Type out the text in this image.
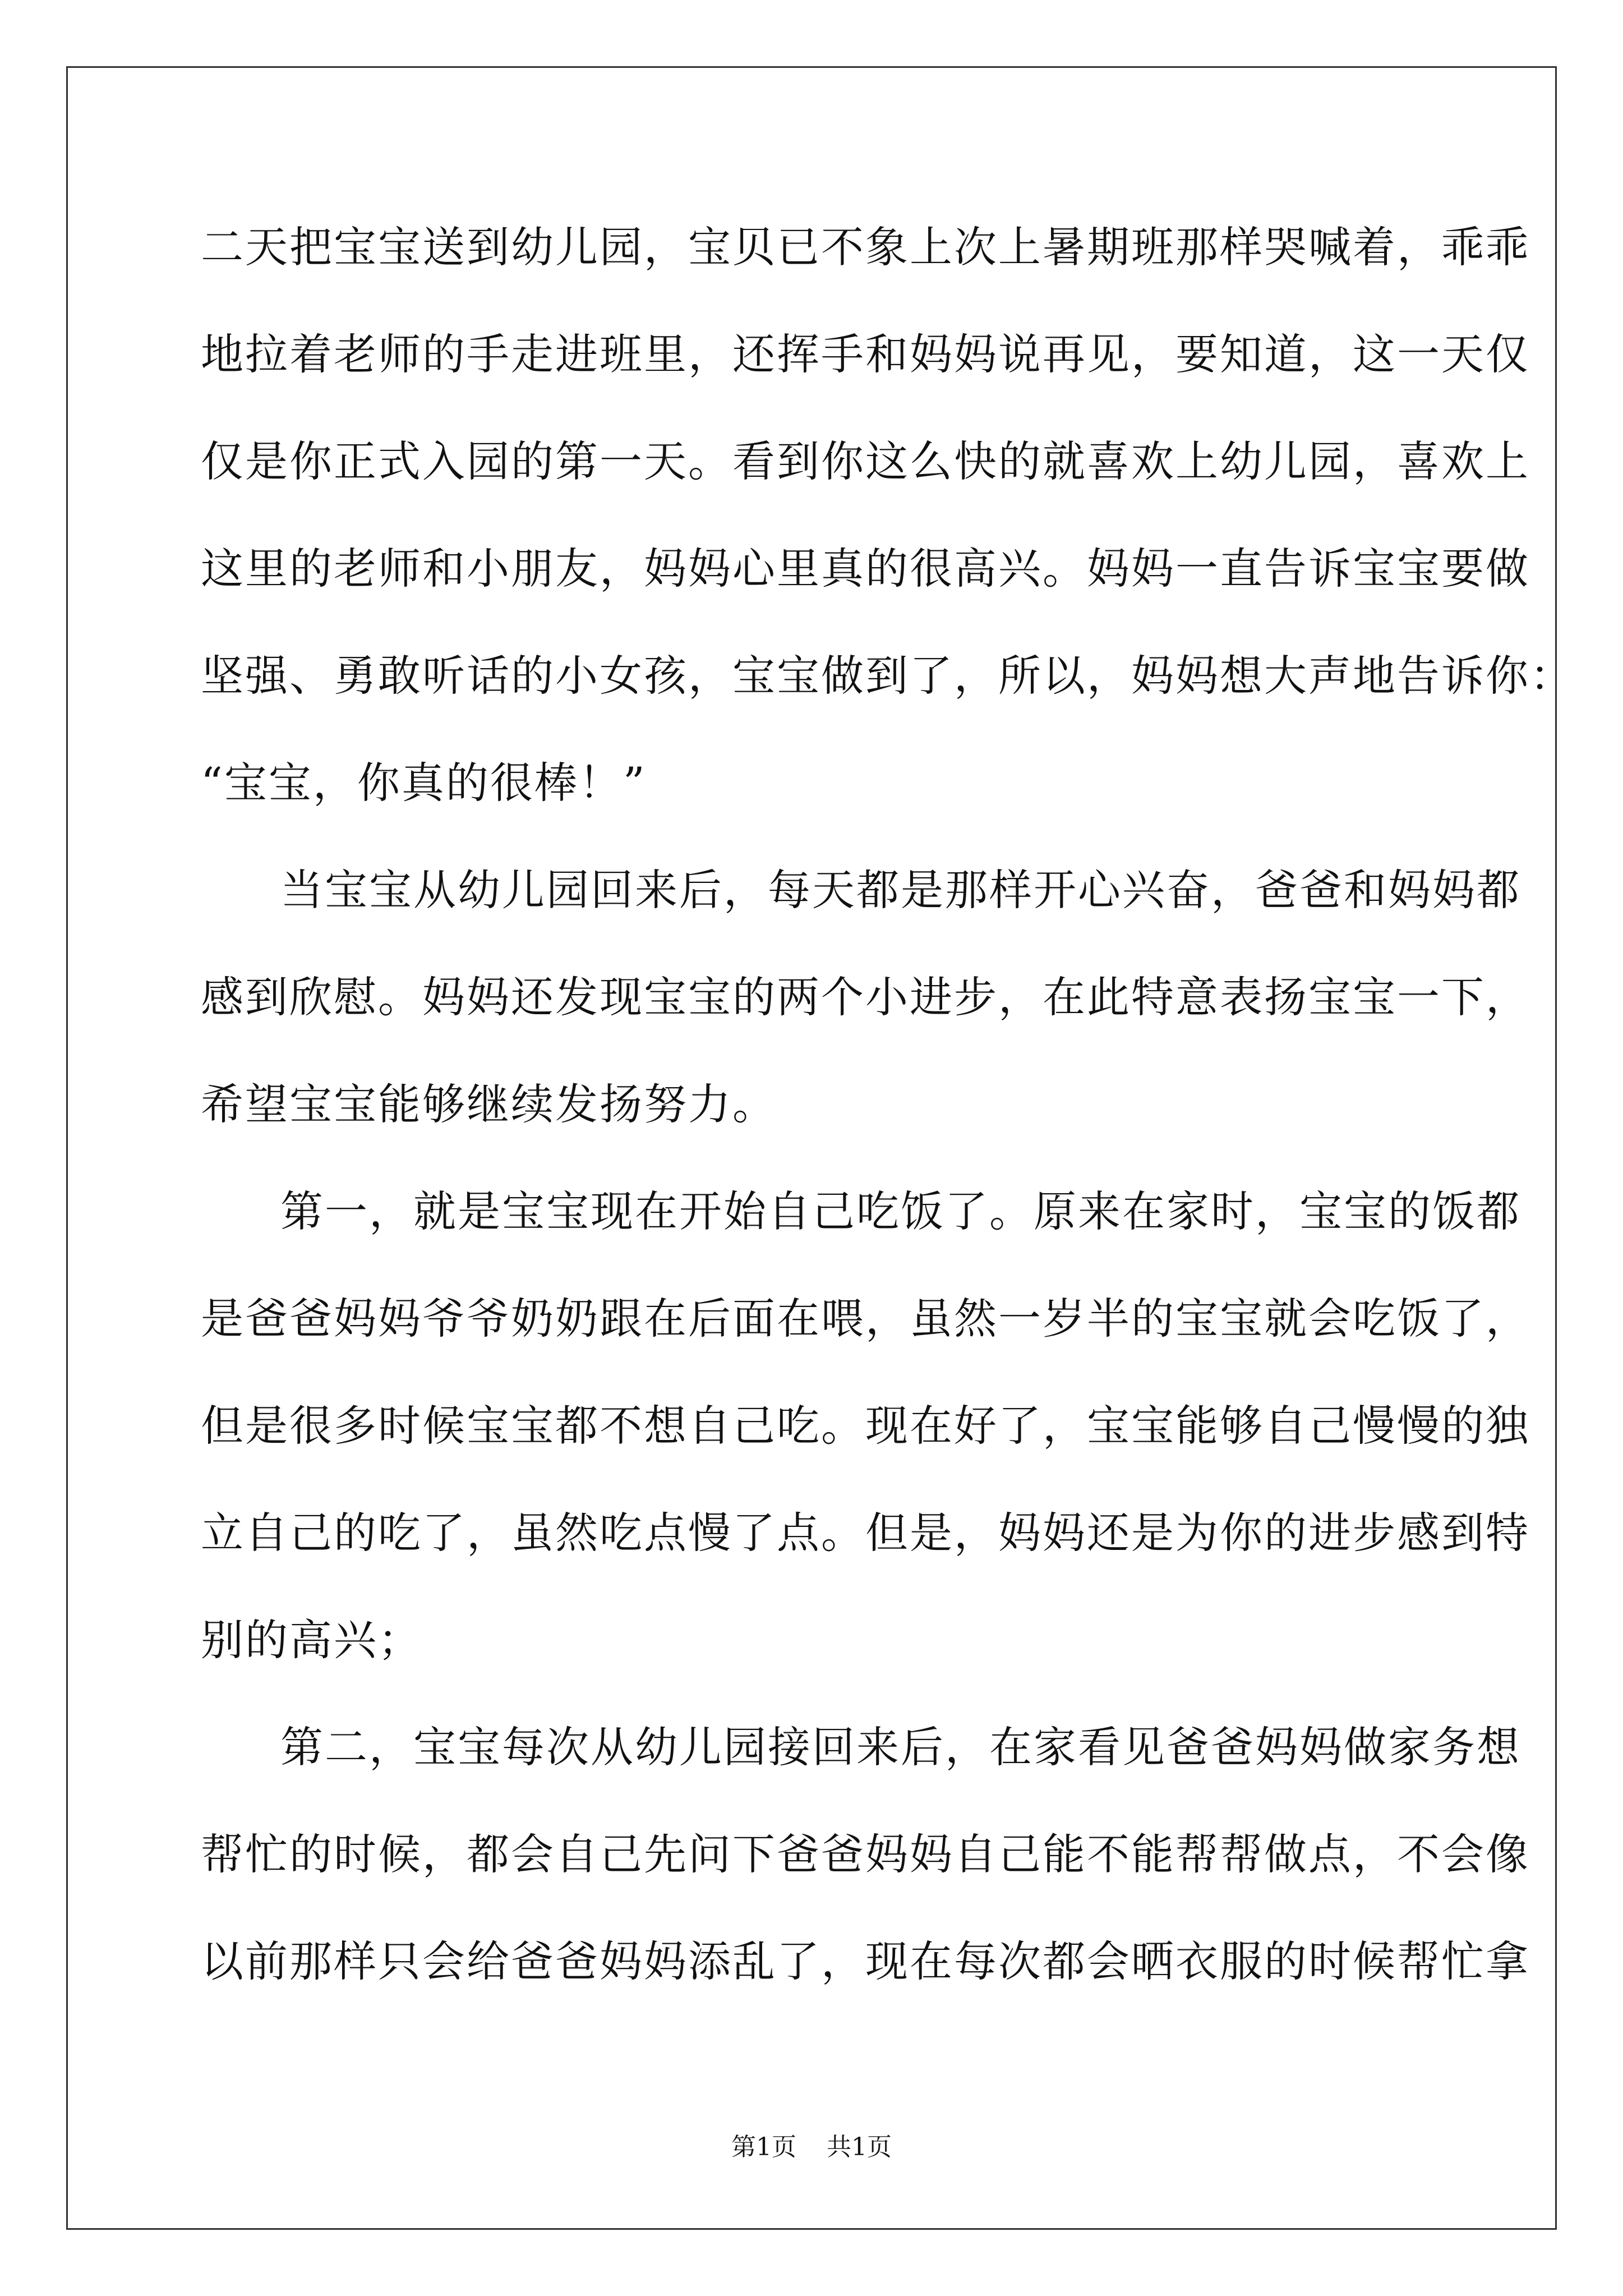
二天把宝宝送到幼儿园，宝贝已不象上次上暑期班那样哭喊着，乖乖
地拉着老师的手走进班里，还挥手和妈妈说再见，要知道，这一天仅
仅是你正式入园的第一天。看到你这么快的就喜欢上幼儿园，喜欢上
这里的老师和小朋友，妈妈心里真的很高兴。妈妈一直告诉宝宝要做
坚强、勇敢听话的小女孩，宝宝做到了，所以，妈妈想大声地告诉你：
“宝宝，你真的很棒！”
当宝宝从幼儿园回来后，每天都是那样开心兴奋，爸爸和妈妈都
感到欣慰。妈妈还发现宝宝的两个小进步，在此特意表扬宝宝一下，
希望宝宝能够继续发扬努力。
第一，就是宝宝现在开始自己吃饭了。原来在家时，宝宝的饭都
是爸爸妈妈爷爷奶奶跟在后面在喂，虽然一岁半的宝宝就会吃饭了，
但是很多时候宝宝都不想自己吃。现在好了，宝宝能够自己慢慢的独
立自己的吃了，虽然吃点慢了点。但是，妈妈还是为你的进步感到特
别的高兴；
第二，宝宝每次从幼儿园接回来后，在家看见爸爸妈妈做家务想
帮忙的时候，都会自己先问下爸爸妈妈自己能不能帮帮做点，不会像
以前那样只会给爸爸妈妈添乱了，现在每次都会晒衣服的时候帮忙拿
第1页 共1页
